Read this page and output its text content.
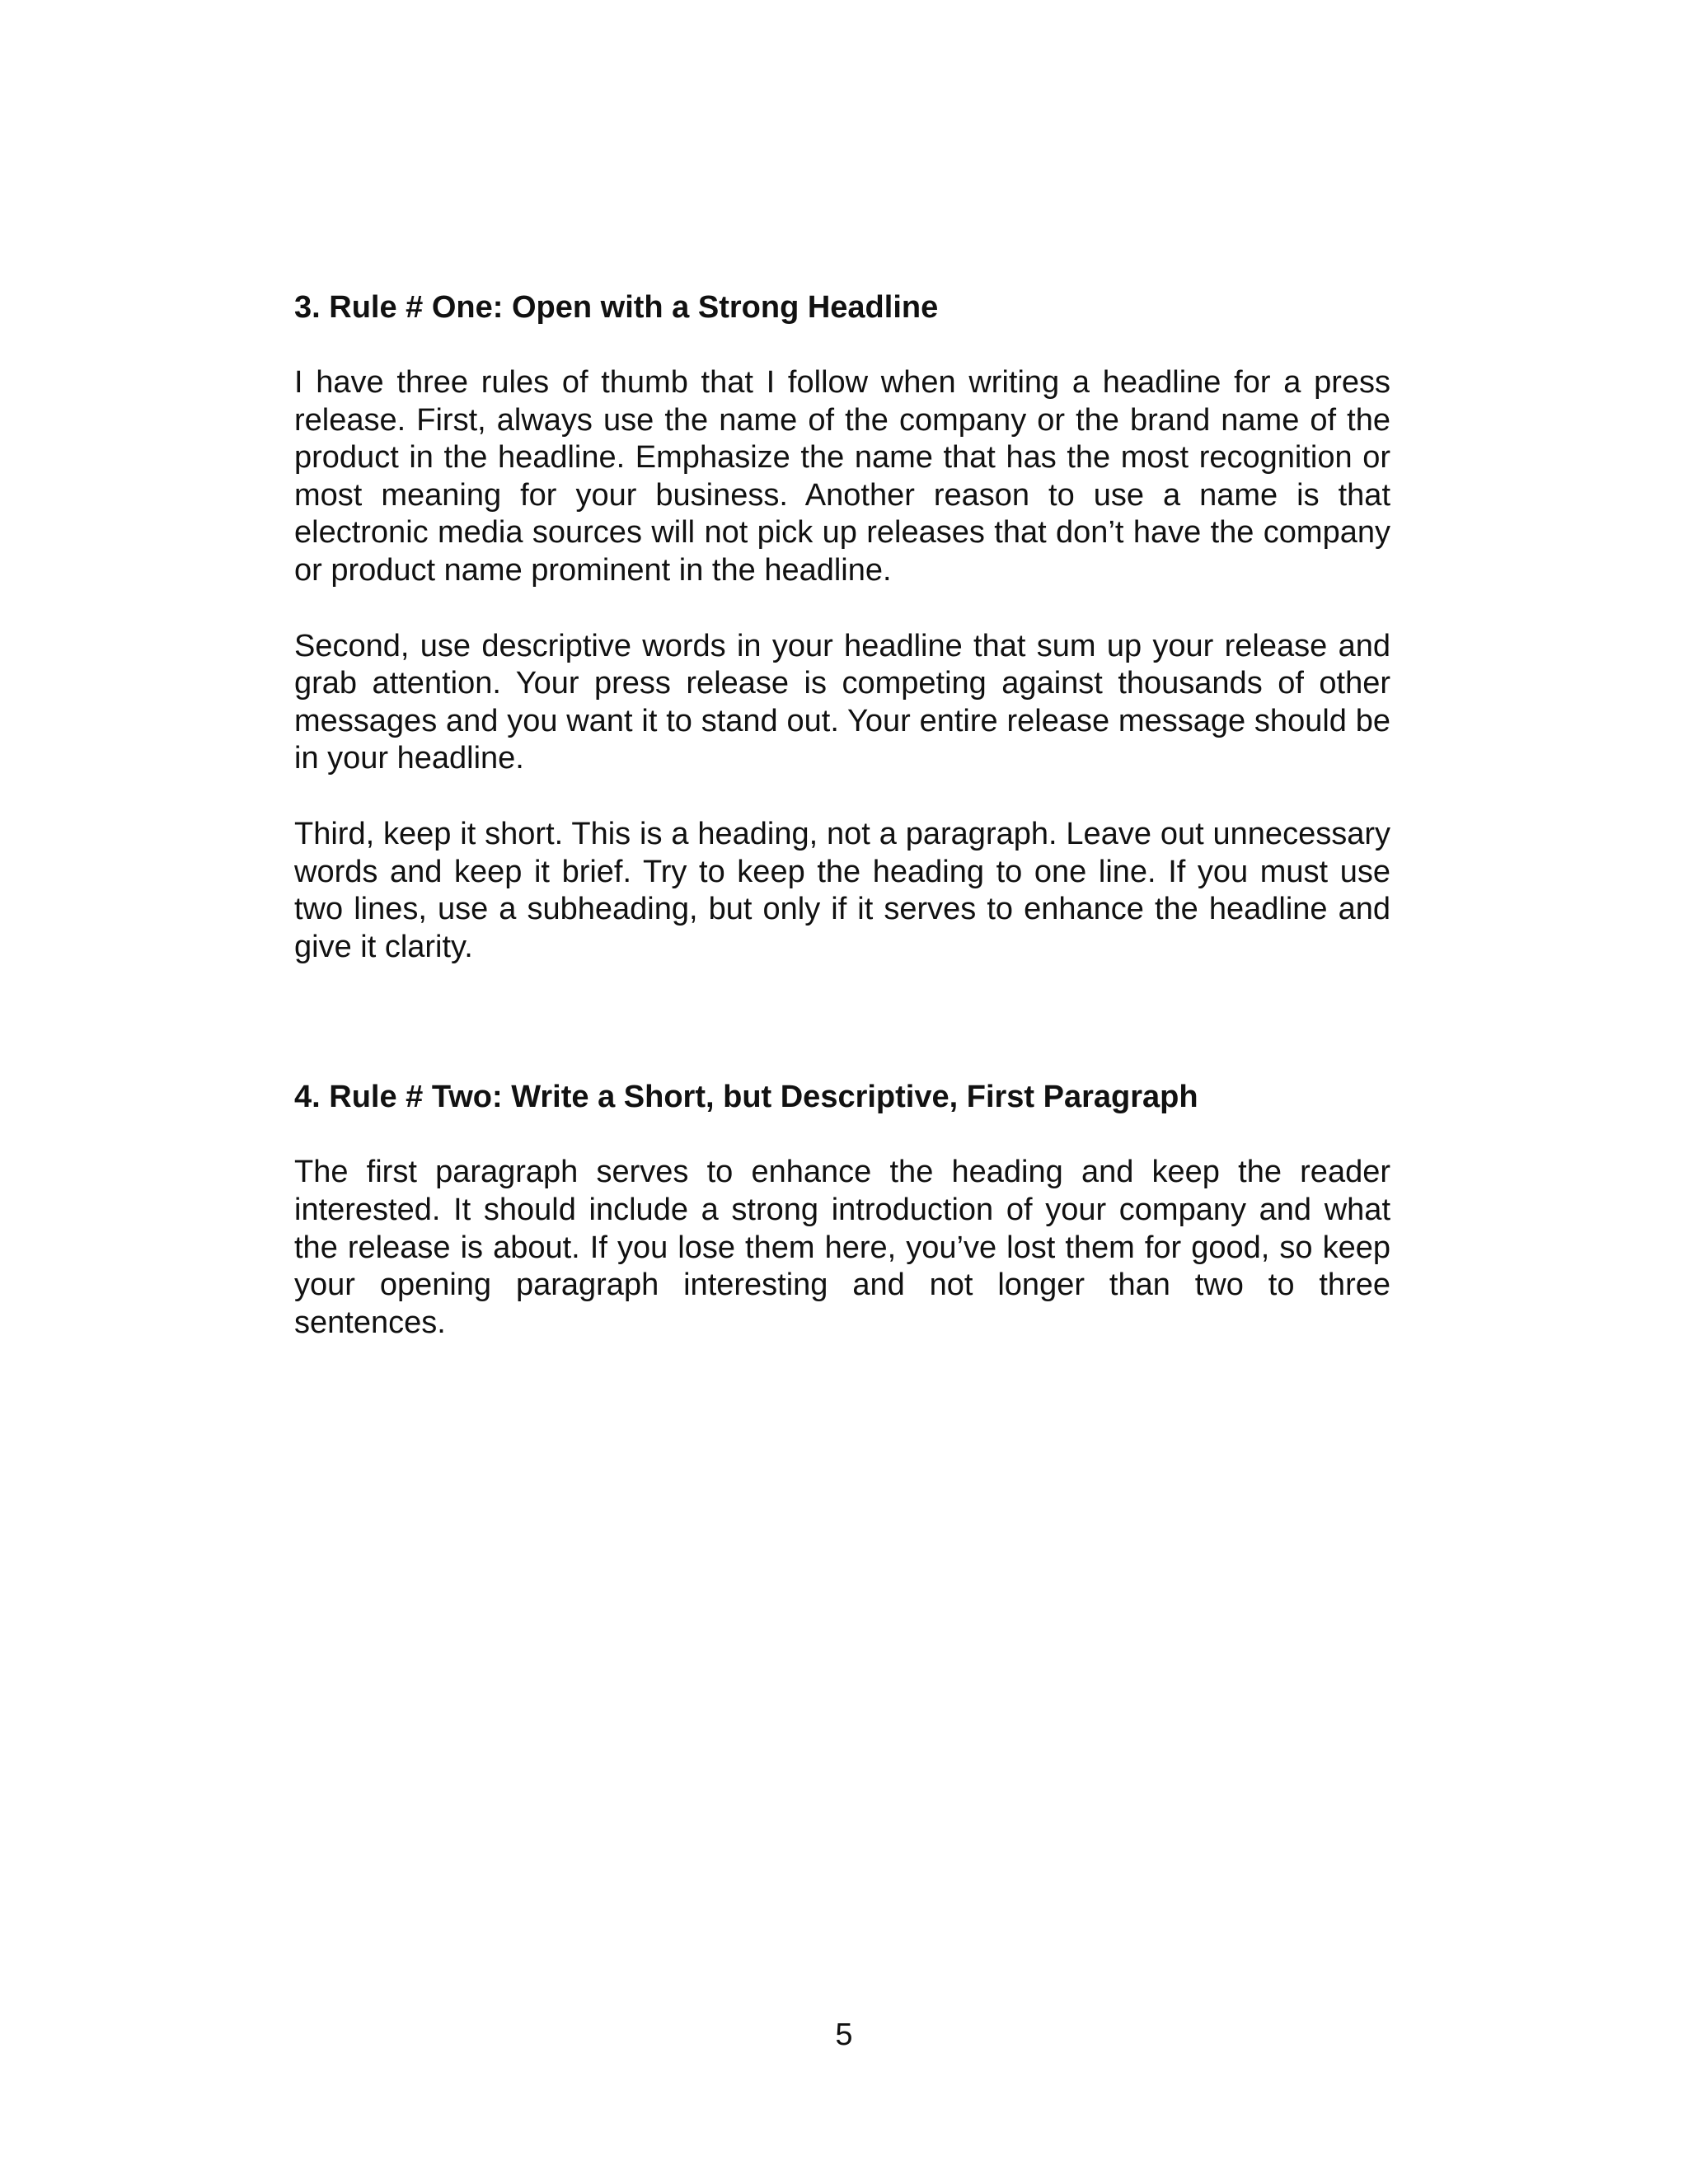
3. Rule # One: Open with a Strong Headline

I have three rules of thumb that I follow when writing a headline for a press release. First, always use the name of the company or the brand name of the product in the headline. Emphasize the name that has the most recognition or most meaning for your business. Another reason to use a name is that electronic media sources will not pick up releases that don’t have the company or product name prominent in the headline.

Second, use descriptive words in your headline that sum up your release and grab attention. Your press release is competing against thousands of other messages and you want it to stand out. Your entire release message should be in your headline.

Third, keep it short. This is a heading, not a paragraph. Leave out unnecessary words and keep it brief. Try to keep the heading to one line. If you must use two lines, use a subheading, but only if it serves to enhance the headline and give it clarity.

4. Rule # Two: Write a Short, but Descriptive, First Paragraph

The first paragraph serves to enhance the heading and keep the reader interested. It should include a strong introduction of your company and what the release is about. If you lose them here, you’ve lost them for good, so keep your opening paragraph interesting and not longer than two to three sentences.

5
